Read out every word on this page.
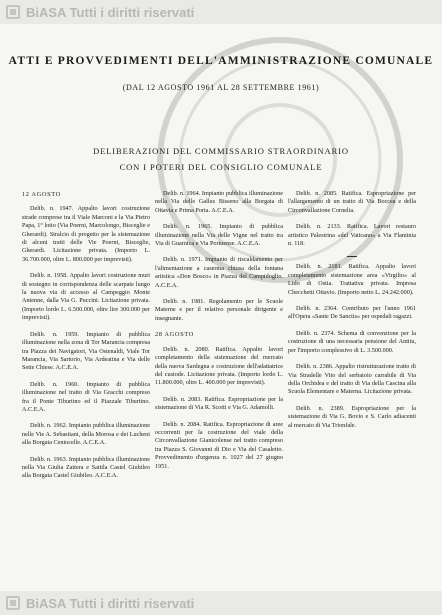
BiASA Tutti i diritti riservati
ATTI E PROVVEDIMENTI DELL'AMMINISTRAZIONE COMUNALE
(DAL 12 AGOSTO 1961 AL 28 SETTEMBRE 1961)
DELIBERAZIONI DEL COMMISSARIO STRAORDINARIO
CON I POTERI DEL CONSIGLIO COMUNALE
12 AGOSTO

Delib. n. 1947. Appalto lavori costruzione strade comprese tra il Viale Marconi e la Via Pietro Papa, 1° lotto (Via Poerni, Marcolongo, Bisceglie e Gherardi). Stralcio di progetto per la sistemazione di alcuni tratti delle Vie Poerni, Bisceglie, Gherardi. Licitazione privata. (Importo L. 36.700.000, oltre L. 800.000 per imprevisti).

Delib. n. 1958. Appalto lavori costruzione muri di sostegno in corrispondenza delle scarpate lungo la nuova via di accesso al Campeggio Monte Antenne, dalla Via G. Puccini. Licitazione privata. (Importo lordo L. 6.500.000, oltre lire 300.000 per imprevisti).

Delib. n. 1959. Impianto di pubblica illuminazione nella zona di Tor Marancia compresa tra Piazza dei Navigatori, Via Ostenaldi, Viale Tor Marancia, Via Sartorio, Via Ardeatina e Via delle Sette Chiese. A.C.E.A.

Delib. n. 1960. Impianto di pubblica illuminazione nel tratto di Via Gracchi compreso fra il Ponte Tiburtino ed il Piazzale Tiburtino. A.C.E.A.

Delib. n. 1962. Impianto pubblica illuminazione nelle Vie A. Sebastiani, della Morosa e dei Lucheni alla Borgata Centocelle. A.C.E.A.

Delib. n. 1963. Impianto pubblica illuminazione nella Via Giulia Zattera e Sattila Castel Giubileo alla Borgata Castel Giubileo. A.C.E.A.

Delib. n. 1964. Impianto pubblica illuminazione nella Via delle Gallus Bisseno alla Borgata di Ottavia e Prima Porta. A.C.E.A.

Delib. n. 1965. Impianto di pubblica illuminazione nella Via delle Vigne nel tratto tra Via di Guarnica e Via Portuense. A.C.E.A.

Delib. n. 1971. Impianto di riscaldamento per l'alimentazione a caserma chiusa della fontana artistica «Don Bosco» in Piazza del Campidoglio. A.C.E.A.

Delib. n. 1981. Regolamento per le Scuole Materne e per il relativo personale dirigente e insegnante.

28 AGOSTO

Delib. n. 2080. Ratifica. Appalto lavori completamento della sistemazione del mercato della nuova Sardegna e costruzione dell'adattatrice del custode. Licitazione privata. (Importo lordo L. 11.800.000, oltre L. 400.000 per imprevisti).

Delib. n. 2083. Ratifica. Espropriazione per la sistemazione di Via R. Scotti e Via G. Adamolli.

Delib. n. 2084. Ratifica. Espropriazione di aree occorrenti per la costruzione del viale della Circonvallazione Gianicolense nel tratto compreso tra Piazza S. Giovanni di Dio e Via del Casaletto. Provvedimento d'urgenza n. 1027 del 27 giugno 1951.

Delib. n. 2085. Ratifica. Espropriazione per l'allargamento di un tratto di Via Boccea e della Circonvallazione Cornelia.

Delib. n. 2133. Ratifica. Lavori restauro artistico Palestrina «del Vaticano» a Via Flaminia n. 118.

Delib. n. 2181. Ratifica. Appalto lavori completamento sistemazione area «Virgilio» al Lido di Ostia. Trattativa privata. Impresa Checchetti Ottavio. (Importo netto L. 24.242.000).

Delib. n. 2364. Contributo per l'anno 1961 all'Opera «Sante De Sanctis» per ospedali ragazzi.

Delib. n. 2374. Schema di convenzione per la costruzione di una necessaria pensione del Antitu, per l'importo complessivo di L. 3.500.000.

Delib. n. 2386. Appalto ristrutturazione tratto di Via Stradelle Vito del serbatoio carrabile di Via della Orchidea e del tratto di Via della Cascina alla Scuola Elementare e Materna. Licitazione privata.

Delib. n. 2389. Espropriazione per la sistemazione di Via G. Bovio e S. Carlo adiacenti al mercato di Via Trionfale.

BiASA Tutti i diritti riservati
